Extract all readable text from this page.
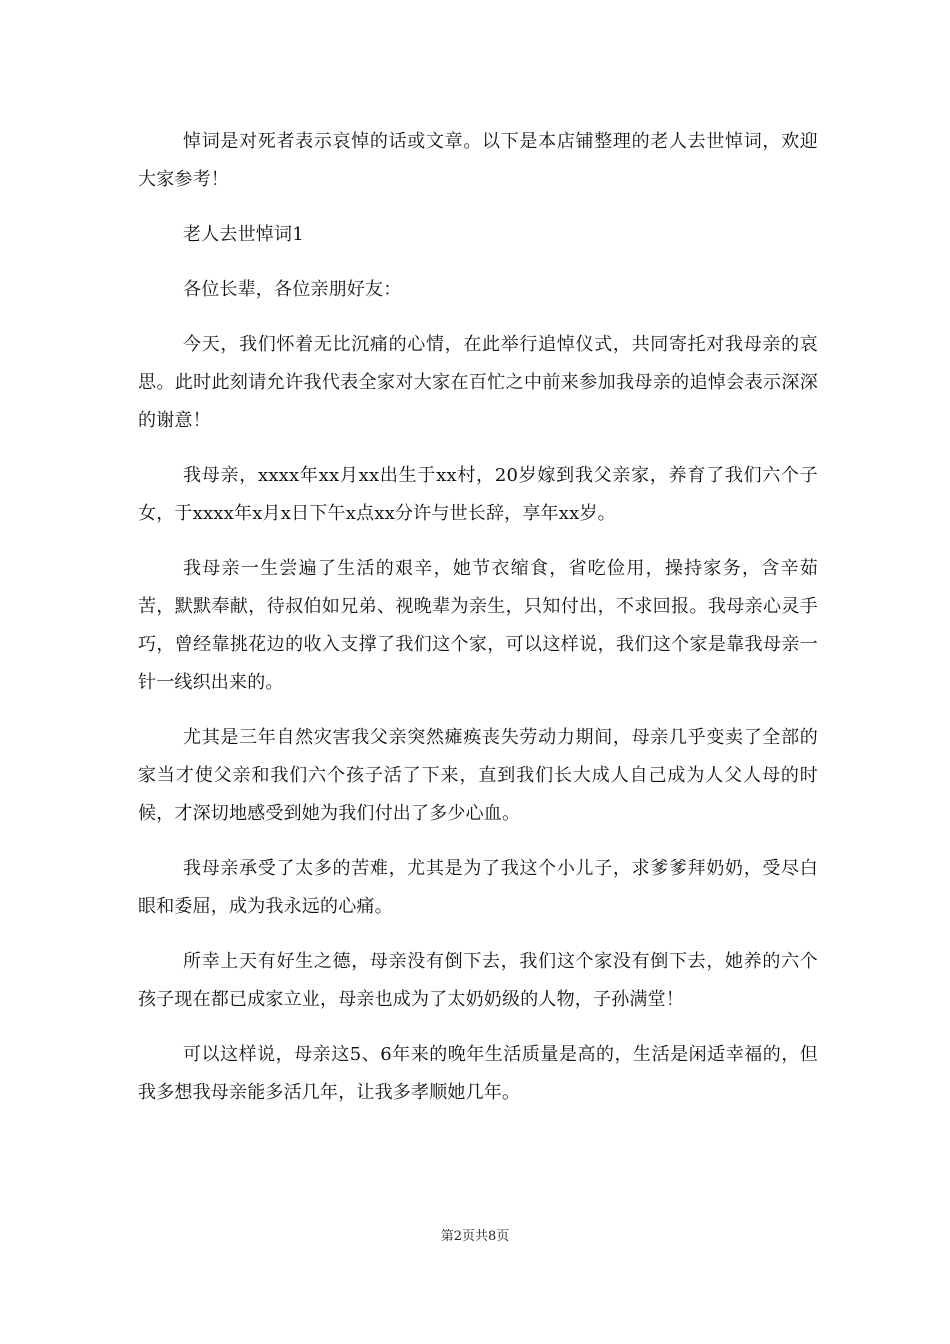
悼词是对死者表示哀悼的话或文章。以下是本店铺整理的老人去世悼词，欢迎大家参考！

老人去世悼词1

各位长辈，各位亲朋好友：

今天，我们怀着无比沉痛的心情，在此举行追悼仪式，共同寄托对我母亲的哀思。此时此刻请允许我代表全家对大家在百忙之中前来参加我母亲的追悼会表示深深的谢意！

我母亲，xxxx年xx月xx出生于xx村，20岁嫁到我父亲家，养育了我们六个子女，于xxxx年x月x日下午x点xx分许与世长辞，享年xx岁。

我母亲一生尝遍了生活的艰辛，她节衣缩食，省吃俭用，操持家务，含辛茹苦，默默奉献，待叔伯如兄弟、视晚辈为亲生，只知付出，不求回报。我母亲心灵手巧，曾经靠挑花边的收入支撑了我们这个家，可以这样说，我们这个家是靠我母亲一针一线织出来的。

尤其是三年自然灾害我父亲突然瘫痪丧失劳动力期间，母亲几乎变卖了全部的家当才使父亲和我们六个孩子活了下来，直到我们长大成人自己成为人父人母的时候，才深切地感受到她为我们付出了多少心血。

我母亲承受了太多的苦难，尤其是为了我这个小儿子，求爹爹拜奶奶，受尽白眼和委屈，成为我永远的心痛。

所幸上天有好生之德，母亲没有倒下去，我们这个家没有倒下去，她养的六个孩子现在都已成家立业，母亲也成为了太奶奶级的人物，子孙满堂！

可以这样说，母亲这5、6年来的晚年生活质量是高的，生活是闲适幸福的，但我多想我母亲能多活几年，让我多孝顺她几年。

第2页共8页
